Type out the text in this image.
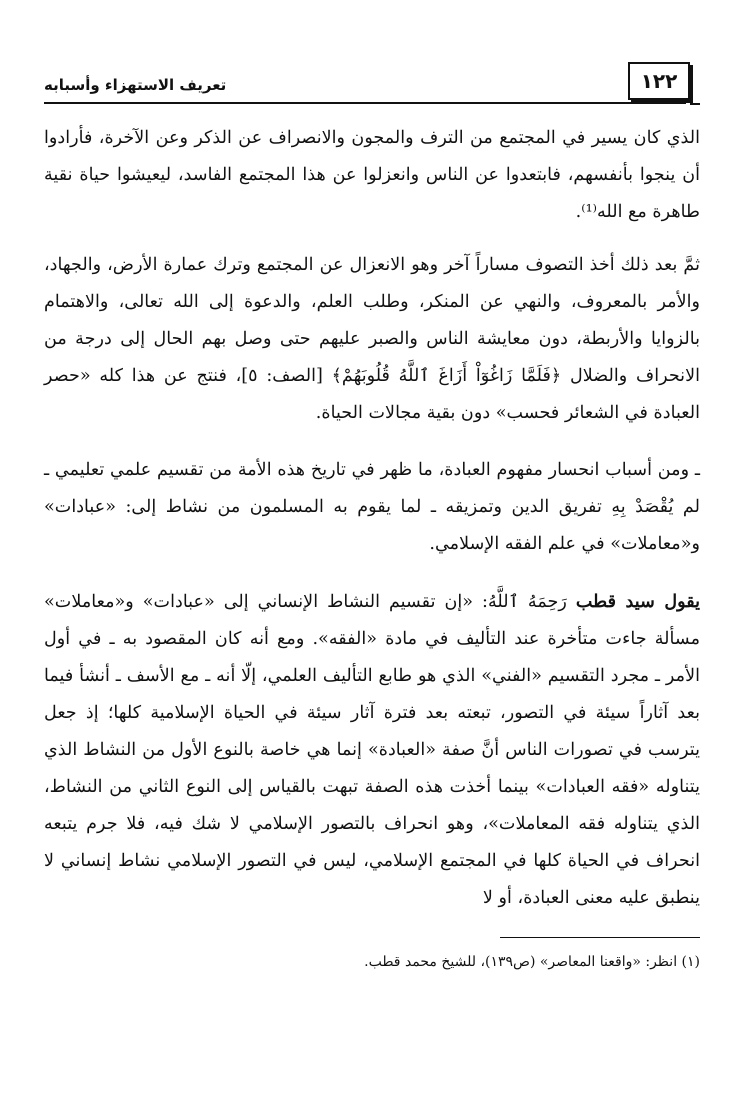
تعريف الاستهزاء وأسبابه	١٢٢

الذي كان يسير في المجتمع من الترف والمجون والانصراف عن الذكر وعن الآخرة، فأرادوا أن ينجوا بأنفسهم، فابتعدوا عن الناس وانعزلوا عن هذا المجتمع الفاسد، ليعيشوا حياة نقية طاهرة مع الله⁽¹⁾.

ثمَّ بعد ذلك أخذ التصوف مساراً آخر وهو الانعزال عن المجتمع وترك عمارة الأرض، والجهاد، والأمر بالمعروف، والنهي عن المنكر، وطلب العلم، والدعوة إلى الله تعالى، والاهتمام بالزوايا والأربطة، دون معايشة الناس والصبر عليهم حتى وصل بهم الحال إلى درجة من الانحراف والضلال ﴿فَلَمَّا زَاغُوٓاْ أَزَاغَ ٱللَّهُ قُلُوبَهُمْ﴾ [الصف: ٥]، فنتج عن هذا كله «حصر العبادة في الشعائر فحسب» دون بقية مجالات الحياة.

ـ ومن أسباب انحسار مفهوم العبادة، ما ظهر في تاريخ هذه الأمة من تقسيم علمي تعليمي ـ لم يُقْصَدْ بِهِ تفريق الدين وتمزيقه ـ لما يقوم به المسلمون من نشاط إلى: «عبادات» و«معاملات» في علم الفقه الإسلامي.

يقول سيد قطب رَحِمَهُ ٱللَّهُ: «إن تقسيم النشاط الإنساني إلى «عبادات» و«معاملات» مسألة جاءت متأخرة عند التأليف في مادة «الفقه». ومع أنه كان المقصود به ـ في أول الأمر ـ مجرد التقسيم «الفني» الذي هو طابع التأليف العلمي، إلّا أنه ـ مع الأسف ـ أنشأ فيما بعد آثاراً سيئة في التصور، تبعته بعد فترة آثار سيئة في الحياة الإسلامية كلها؛ إذ جعل يترسب في تصورات الناس أنَّ صفة «العبادة» إنما هي خاصة بالنوع الأول من النشاط الذي يتناوله «فقه العبادات» بينما أخذت هذه الصفة تبهت بالقياس إلى النوع الثاني من النشاط، الذي يتناوله فقه المعاملات»، وهو انحراف بالتصور الإسلامي لا شك فيه، فلا جرم يتبعه انحراف في الحياة كلها في المجتمع الإسلامي، ليس في التصور الإسلامي نشاط إنساني لا ينطبق عليه معنى العبادة، أو لا

(١) انظر: «واقعنا المعاصر» (ص١٣٩)، للشيخ محمد قطب.
